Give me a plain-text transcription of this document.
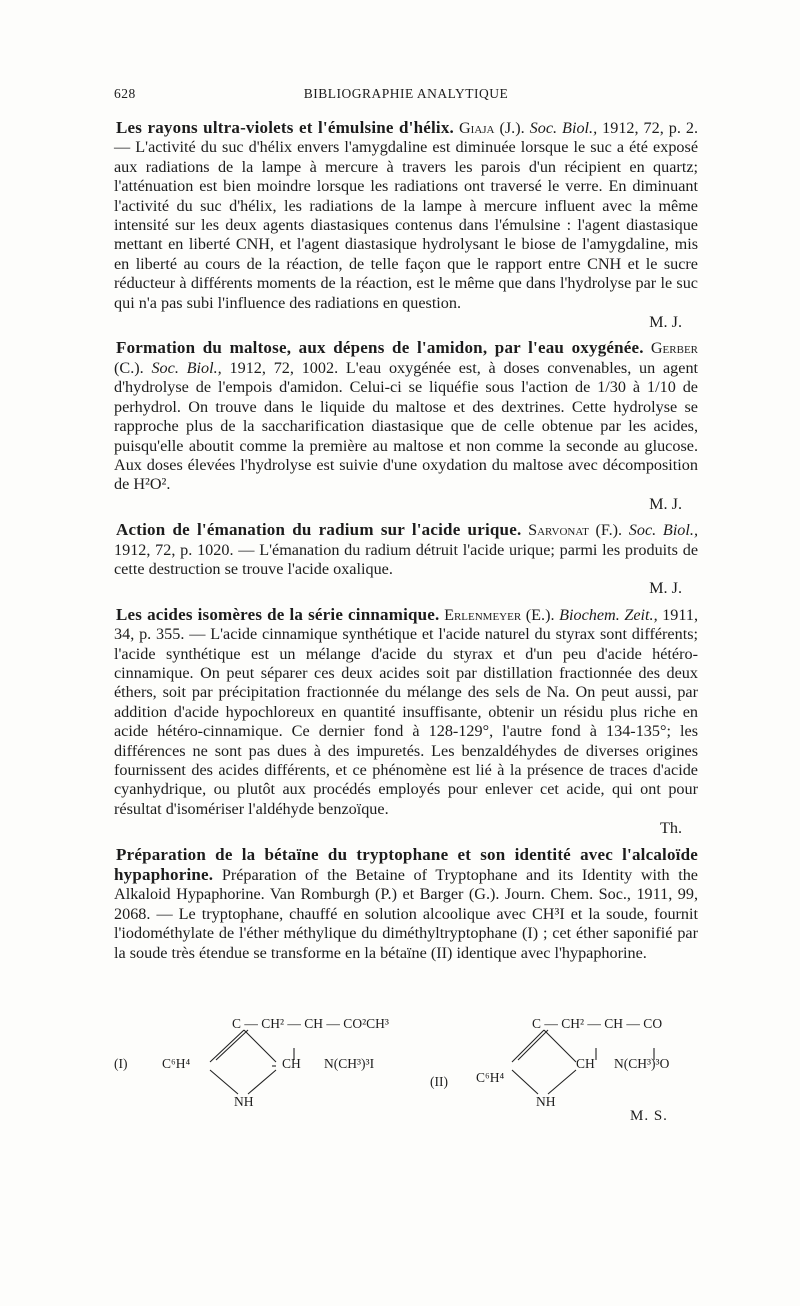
628	BIBLIOGRAPHIE ANALYTIQUE

Les rayons ultra-violets et l'émulsine d'hélix. Giaja (J.). Soc. Biol., 1912, 72, p. 2. — L'activité du suc d'hélix envers l'amygdaline est diminuée lorsque le suc a été exposé aux radiations de la lampe à mercure à travers les parois d'un récipient en quartz; l'atténuation est bien moindre lorsque les radiations ont traversé le verre. En diminuant l'activité du suc d'hélix, les radiations de la lampe à mercure influent avec la même intensité sur les deux agents diastasiques contenus dans l'émulsine : l'agent diastasique mettant en liberté CNH, et l'agent diastasique hydrolysant le biose de l'amygdaline, mis en liberté au cours de la réaction, de telle façon que le rapport entre CNH et le sucre réducteur à différents moments de la réaction, est le même que dans l'hydrolyse par le suc qui n'a pas subi l'influence des radiations en question.
M. J.

Formation du maltose, aux dépens de l'amidon, par l'eau oxygénée. Gerber (C.). Soc. Biol., 1912, 72, 1002. L'eau oxygénée est, à doses convenables, un agent d'hydrolyse de l'empois d'amidon. Celui-ci se liquéfie sous l'action de 1/30 à 1/10 de perhydrol. On trouve dans le liquide du maltose et des dextrines. Cette hydrolyse se rapproche plus de la saccharification diastasique que de celle obtenue par les acides, puisqu'elle aboutit comme la première au maltose et non comme la seconde au glucose. Aux doses élevées l'hydrolyse est suivie d'une oxydation du maltose avec décomposition de H²O².
M. J.

Action de l'émanation du radium sur l'acide urique. Sarvonat (F.). Soc. Biol., 1912, 72, p. 1020. — L'émanation du radium détruit l'acide urique; parmi les produits de cette destruction se trouve l'acide oxalique.
M. J.

Les acides isomères de la série cinnamique. Erlenmeyer (E.). Biochem. Zeit., 1911, 34, p. 355. — L'acide cinnamique synthétique et l'acide naturel du styrax sont différents; l'acide synthétique est un mélange d'acide du styrax et d'un peu d'acide hétéro-cinnamique. On peut séparer ces deux acides soit par distillation fractionnée des deux éthers, soit par précipitation fractionnée du mélange des sels de Na. On peut aussi, par addition d'acide hypochloreux en quantité insuffisante, obtenir un résidu plus riche en acide hétéro-cinnamique. Ce dernier fond à 128-129°, l'autre fond à 134-135°; les différences ne sont pas dues à des impuretés. Les benzaldéhydes de diverses origines fournissent des acides différents, et ce phénomène est lié à la présence de traces d'acide cyanhydrique, ou plutôt aux procédés employés pour enlever cet acide, qui ont pour résultat d'isomériser l'aldéhyde benzoïque.
Th.

Préparation de la bétaïne du tryptophane et son identité avec l'alcaloïde hypaphorine. Préparation of the Betaine of Tryptophane and its Identity with the Alkaloid Hypaphorine. Van Romburgh (P.) et Barger (G.). Journ. Chem. Soc., 1911, 99, 2068. — Le tryptophane, chauffé en solution alcoolique avec CH³I et la soude, fournit l'iodométhylate de l'éther méthylique du diméthyltryptophane (I) ; cet éther saponifié par la soude très étendue se transforme en la bétaïne (II) identique avec l'hypaphorine.

(I)
C — CH² — CH — CO²CH³
C⁶H⁴	CH N(CH³)³I
NH
(II)
C — CH² — CH — CO
C⁶H⁴
CH N(CH³)³O
NH
M. S.
